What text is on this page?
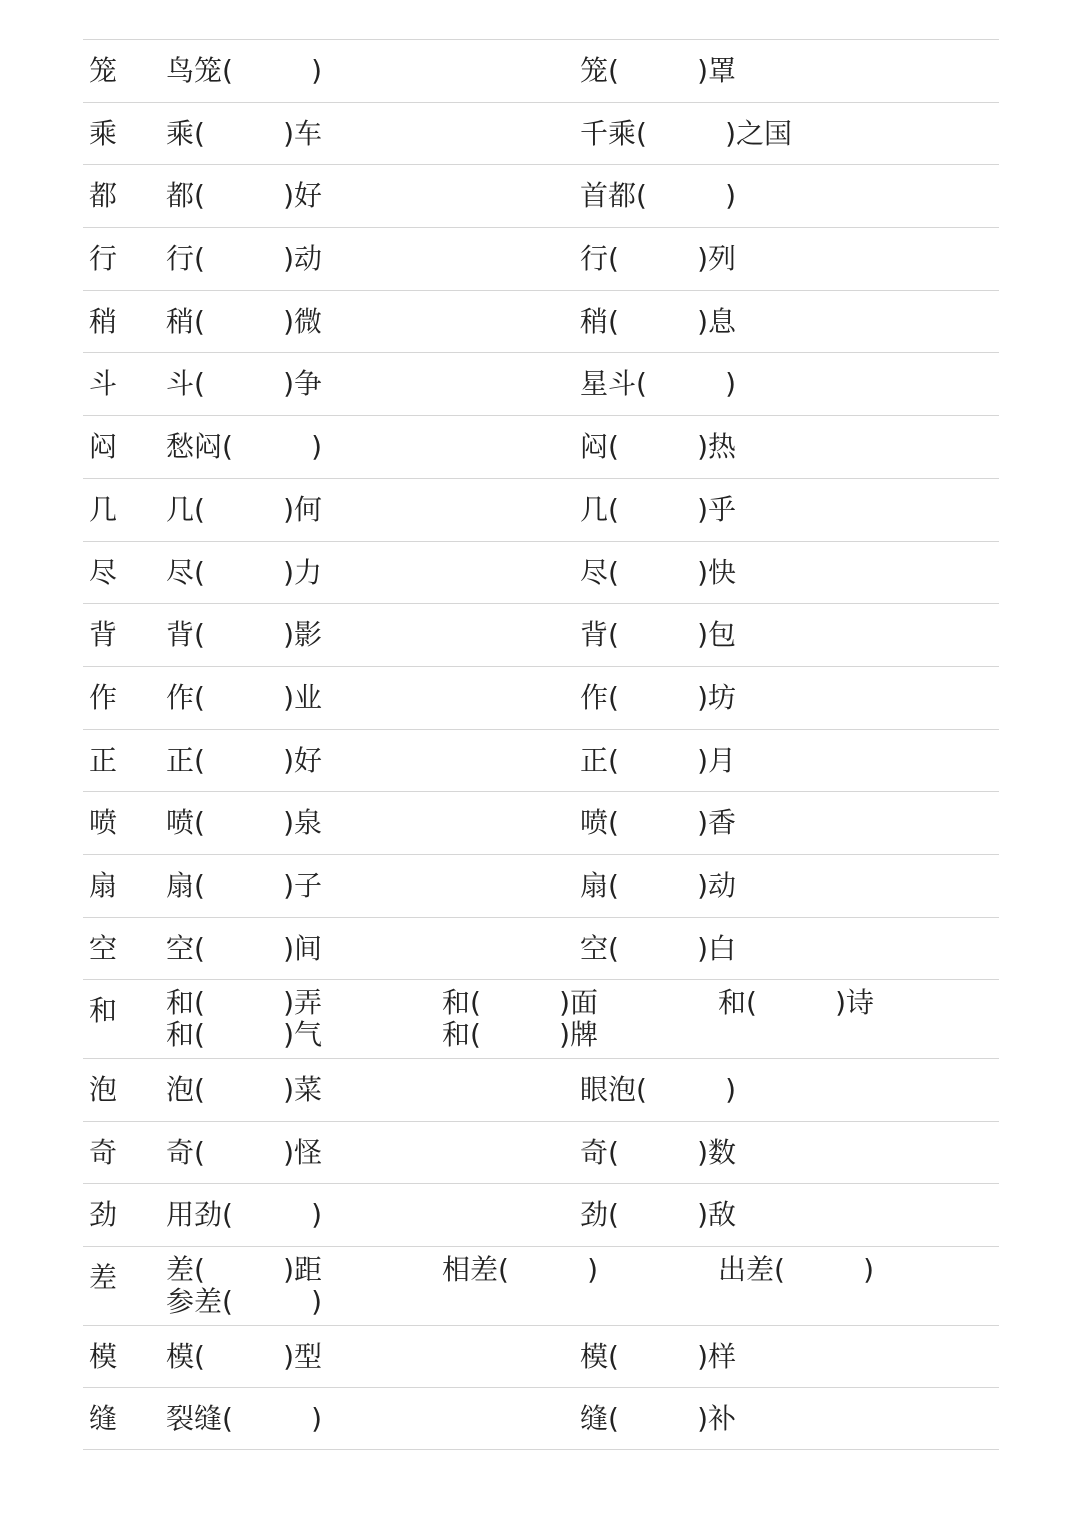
笼 鸟笼(	)	笼(	) 罩
乘 乘(	) 车	千乘(	) 之国
都 都(	) 好	首都(	)
行 行(	) 动	行(	) 列
稍 稍(	) 微	稍(	) 息
斗 斗(	) 争	星斗(	)
闷 愁闷(	)	闷(	) 热
几 几(	) 何	几(	) 乎
尽 尽(	) 力	尽(	) 快
背 背(	) 影	背(	) 包
作 作(	) 业	作(	) 坊
正 正(	) 好	正(	) 月
喷 喷(	) 泉	喷(	) 香
扇 扇(	) 子	扇(	) 动
空 空(	) 间	空(	) 白
和 和(	) 弄	和(	) 面	和(	) 诗
和(	) 气	和(	) 牌
泡 泡(	) 菜	眼泡(	)
奇 奇(	) 怪	奇(	) 数
劲 用劲(	)	劲(	) 敌
差 差(	) 距	相差(	)	出差(	)
参差(	)
模 模(	) 型	模(	) 样
缝 裂缝(	)	缝(	) 补
